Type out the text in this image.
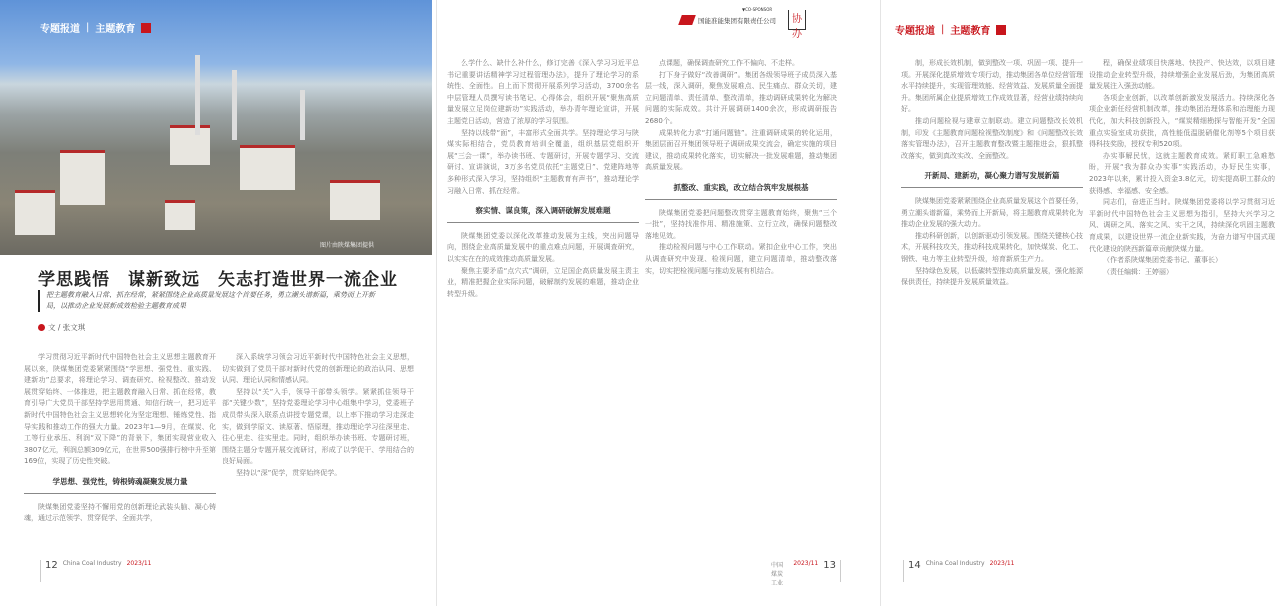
图片由陕煤集团提供
专题报道 | 主题教育
学思践悟　谋新致远　矢志打造世界一流企业
把主题教育融入日常、抓在经常，紧紧围绕企业高质量发展这个首要任务，勇立潮头谱新篇，乘势而上开新局，以推动企业发展新成效检验主题教育成果
文 / 张文琪

学习贯彻习近平新时代中国特色社会主义思想主题教育开展以来，陕煤集团党委紧紧围绕“学思想、强党性、重实践、建新功”总要求，将理论学习、调查研究、检视整改、推动发展贯穿始终、一体推进，把主题教育融入日常、抓在经常，教育引导广大党员干部坚持学思用贯通、知信行统一，把习近平新时代中国特色社会主义思想转化为坚定理想、锤炼党性、指导实践和推动工作的强大力量。2023年1—9月，在煤炭、化工等行业承压、利润“双下降”的背景下，集团实现营业收入3807亿元，利润总额309亿元，在世界500强排行榜中升至第169位，实现了历史性突破。

学思想、强党性，铸根铸魂凝聚发展力量

陕煤集团党委坚持不懈用党的创新理论武装头脑、凝心铸魂，通过示范领学、贯穿促学、全面共学，

深入系统学习领会习近平新时代中国特色社会主义思想，切实做到了党员干部对新时代党的创新理论的政治认同、思想认同、理论认同和情感认同。

坚持以“关”入手，领导干部带头领学。紧紧抓住领导干部“关键少数”，坚持党委理论学习中心组集中学习，党委班子成员带头深入联系点讲授专题党课，以上率下推动学习走深走实，做到学原文、读原著、悟原理，推动理论学习往深里走、往心里走、往实里走。同时，组织举办读书班、专题研讨班，围绕主题分专题开展交流研讨，形成了以学促干、学用结合的良好局面。

坚持以“深”促学，贯穿始终促学。

12 China Coal Industry 2023/11

么学什么、缺什么补什么，修订完善《深入学习习近平总书记重要讲话精神学习过程管理办法》，提升了理论学习的系统性、全面性。自上而下贯彻开展系列学习活动，3700余名中层管理人员撰写读书笔记、心得体会，组织开展“聚焦高质量发展立足岗位建新功”实践活动，举办青年理论宣讲，开展主题党日活动，营造了浓厚的学习氛围。

坚持以线带“面”，丰富形式全面共学。坚持理论学习与陕煤实际相结合，党员教育培训全覆盖，组织基层党组织开展“三会一课”，举办读书班、专题研讨，开展专题学习、交流研讨、宣讲演说，3万多名党员依托“主题党日”、党建阵地等多种形式深入学习，坚持组织“主题教育有声书”，推动理论学习融入日常、抓在经常。

察实情、谋良策，深入调研破解发展难题

陕煤集团党委以深化改革推动发展为主线，突出问题导向，围绕企业高质量发展中的重点难点问题，开展调查研究，以实实在在的成效推动高质量发展。

聚焦主要矛盾“点穴式”调研，立足国企高质量发展主责主业，精准把握企业实际问题，破解制约发展的难题，推动企业转型升级。

点课题，确保调查研究工作不偏向、不走样。

打下身子做好“改善调研”。集团各级领导班子成员深入基层一线，深入调研，聚焦发展难点、民生痛点、群众关切，建立问题清单、责任清单、整改清单，推动调研成果转化为解决问题的实际成效。共计开展调研1400余次，形成调研报告2680个。

成果转化力求“打通问题链”。注重调研成果的转化运用，集团层面召开集团领导班子调研成果交流会，确定实施的项目建议，推动成果转化落实，切实解决一批发展难题，推动集团高质量发展。

抓整改、重实践，改立结合筑牢发展根基

陕煤集团党委把问题整改贯穿主题教育始终，聚焦“三个一批”，坚持找准作用、精准施策、立行立改，确保问题整改落地见效。

推动检视问题与中心工作联动。紧扣企业中心工作，突出从调查研究中发现、检视问题，建立问题清单，推动整改落实，切实把检视问题与推动发展有机结合。

中国煤炭工业
2023/11 13
国能准能集团有限责任公司
▼CO-SPONSOR
协办	专题报道 | 主题教育

制，形成长效机制，做到整改一项、巩固一项、提升一项。开展深化提质增效专项行动，推动集团各单位经营管理水平持续提升，实现管理效能、经营效益、发展质量全面提升。集团所属企业提质增效工作成效显著，经营业绩持续向好。

推动问题检视与建章立制联动。建立问题整改长效机制，印发《主题教育问题检视整改制度》和《问题整改长效落实管理办法》，召开主题教育整改暨主题推进会，狠抓整改落实，做到真改实改、全面整改。

开新局、建新功，凝心聚力谱写发展新篇

陕煤集团党委紧紧围绕企业高质量发展这个首要任务，勇立潮头谱新篇，乘势而上开新局，将主题教育成果转化为推动企业发展的强大动力。

推动科研创新，以创新驱动引领发展。围绕关键核心技术，开展科技攻关，推动科技成果转化，加快煤炭、化工、钢铁、电力等主业转型升级，培育新质生产力。

坚持绿色发展，以低碳转型推动高质量发展，强化能源保供责任，持续提升发展质量效益。

程，确保业绩项目快落地、快投产、快达效，以项目建设推动企业转型升级，持续增强企业发展后劲，为集团高质量发展注入强劲动能。

各项企业创新，以改革创新激发发展活力。持续深化各项企业新任经营机制改革，推动集团治理体系和治理能力现代化，加大科技创新投入，“煤炭精细勘探与智能开发”全国重点实验室成功获批，高性能低温脱硝催化剂等5个项目获得科技奖励，授权专利520项。

办实事解民忧，这就主题教育成效。紧盯职工急难愁盼，开展“我为群众办实事”实践活动，办好民生实事，2023年以来，累计投入资金3.8亿元，切实提高职工群众的获得感、幸福感、安全感。

同志们，奋进正当时。陕煤集团党委将以学习贯彻习近平新时代中国特色社会主义思想为指引，坚持大兴学习之风、调研之风、落实之风、实干之风，持续深化巩固主题教育成果，以建设世界一流企业新实践，为奋力谱写中国式现代化建设的陕西新篇章贡献陕煤力量。

（作者系陕煤集团党委书记、董事长）
（责任编辑：王婷丽）
14 China Coal Industry 2023/11
